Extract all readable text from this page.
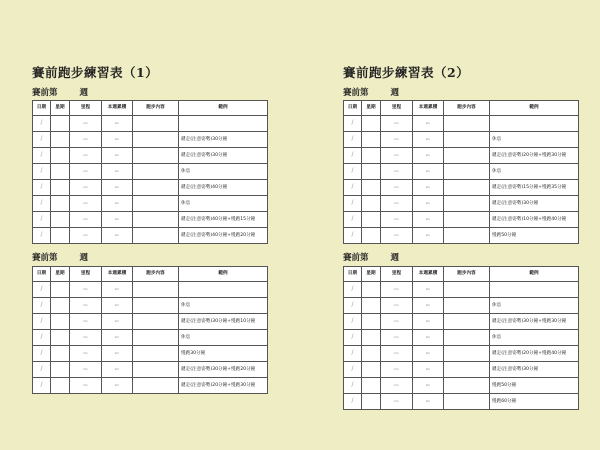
賽前跑步練習表（1）
賽前第	週
日期	星期	里程	本週累積	跑步內容	範例
/		km	km		
/		km	km		鍵走(注意姿勢)30分鐘
/		km	km		鍵走(注意姿勢)30分鐘
/		km	km		休息
/		km	km		鍵走(注意姿勢)40分鐘
/		km	km		休息
/		km	km		鍵走(注意姿勢)40分鐘+慢跑15分鐘
/		km	km		鍵走(注意姿勢)40分鐘+慢跑20分鐘
賽前第	週
日期	星期	里程	本週累積	跑步內容	範例
/		km	km		
/		km	km		休息
/		km	km		鍵走(注意姿勢)30分鐘+慢跑10分鐘
/		km	km		休息
/		km	km		慢跑30分鐘
/		km	km		鍵走(注意姿勢)30分鐘+慢跑20分鐘
/		km	km		鍵走(注意姿勢)20分鐘+慢跑30分鐘
賽前跑步練習表（2）
賽前第	週
日期	星期	里程	本週累積	跑步內容	範例
/		km	km		
/		km	km		休息
/		km	km		鍵走(注意姿勢)20分鐘+慢跑30分鐘
/		km	km		休息
/		km	km		鍵走(注意姿勢)15分鐘+慢跑35分鐘
/		km	km		鍵走(注意姿勢)30分鐘
/		km	km		鍵走(注意姿勢)10分鐘+慢跑40分鐘
/		km	km		慢跑50分鐘
賽前第	週
日期	星期	里程	本週累積	跑步內容	範例
/		km	km		
/		km	km		休息
/		km	km		鍵走(注意姿勢)30分鐘+慢跑30分鐘
/		km	km		休息
/		km	km		鍵走(注意姿勢)20分鐘+慢跑40分鐘
/		km	km		鍵走(注意姿勢)30分鐘
/		km	km		慢跑50分鐘
/		km	km		慢跑60分鐘
